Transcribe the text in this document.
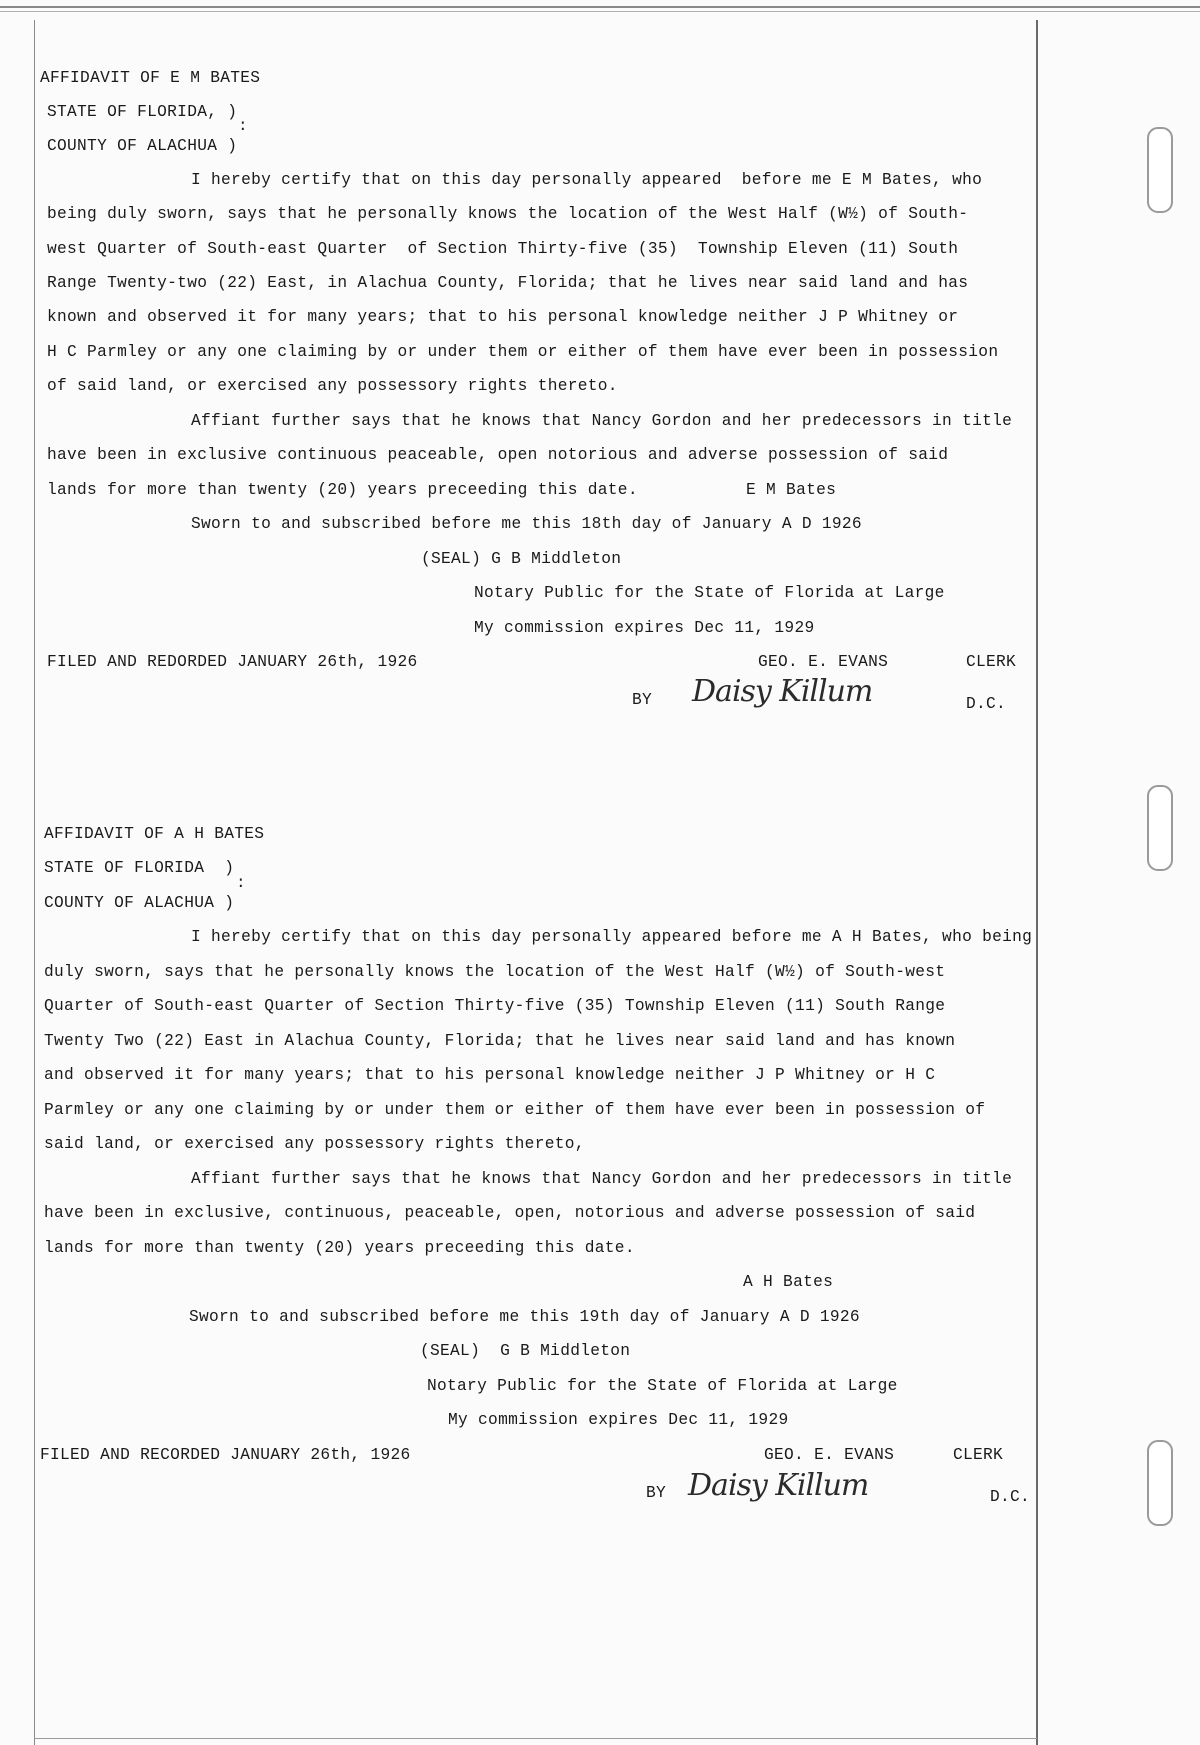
AFFIDAVIT OF E M BATES
STATE OF FLORIDA, )
COUNTY OF ALACHUA )
:
I hereby certify that on this day personally appeared  before me E M Bates, who
being duly sworn, says that he personally knows the location of the West Half (W½) of South-
west Quarter of South-east Quarter  of Section Thirty-five (35)  Township Eleven (11) South
Range Twenty-two (22) East, in Alachua County, Florida; that he lives near said land and has
known and observed it for many years; that to his personal knowledge neither J P Whitney or
H C Parmley or any one claiming by or under them or either of them have ever been in possession
of said land, or exercised any possessory rights thereto.
Affiant further says that he knows that Nancy Gordon and her predecessors in title
have been in exclusive continuous peaceable, open notorious and adverse possession of said
lands for more than twenty (20) years preceeding this date.	E M Bates
Sworn to and subscribed before me this 18th day of January A D 1926
(SEAL) G B Middleton
Notary Public for the State of Florida at Large
My commission expires Dec 11, 1929
FILED AND REDORDED JANUARY 26th, 1926	GEO. E. EVANS	CLERK
BY Daisy Killum	D.C.
AFFIDAVIT OF A H BATES
STATE OF FLORIDA  )
COUNTY OF ALACHUA )
:
I hereby certify that on this day personally appeared before me A H Bates, who being
duly sworn, says that he personally knows the location of the West Half (W½) of South-west
Quarter of South-east Quarter of Section Thirty-five (35) Township Eleven (11) South Range
Twenty Two (22) East in Alachua County, Florida; that he lives near said land and has known
and observed it for many years; that to his personal knowledge neither J P Whitney or H C
Parmley or any one claiming by or under them or either of them have ever been in possession of
said land, or exercised any possessory rights thereto,
Affiant further says that he knows that Nancy Gordon and her predecessors in title
have been in exclusive, continuous, peaceable, open, notorious and adverse possession of said
lands for more than twenty (20) years preceeding this date.
A H Bates
Sworn to and subscribed before me this 19th day of January A D 1926
(SEAL)  G B Middleton
Notary Public for the State of Florida at Large
My commission expires Dec 11, 1929
FILED AND RECORDED JANUARY 26th, 1926	GEO. E. EVANS	CLERK
BY Daisy Killum	D.C.
